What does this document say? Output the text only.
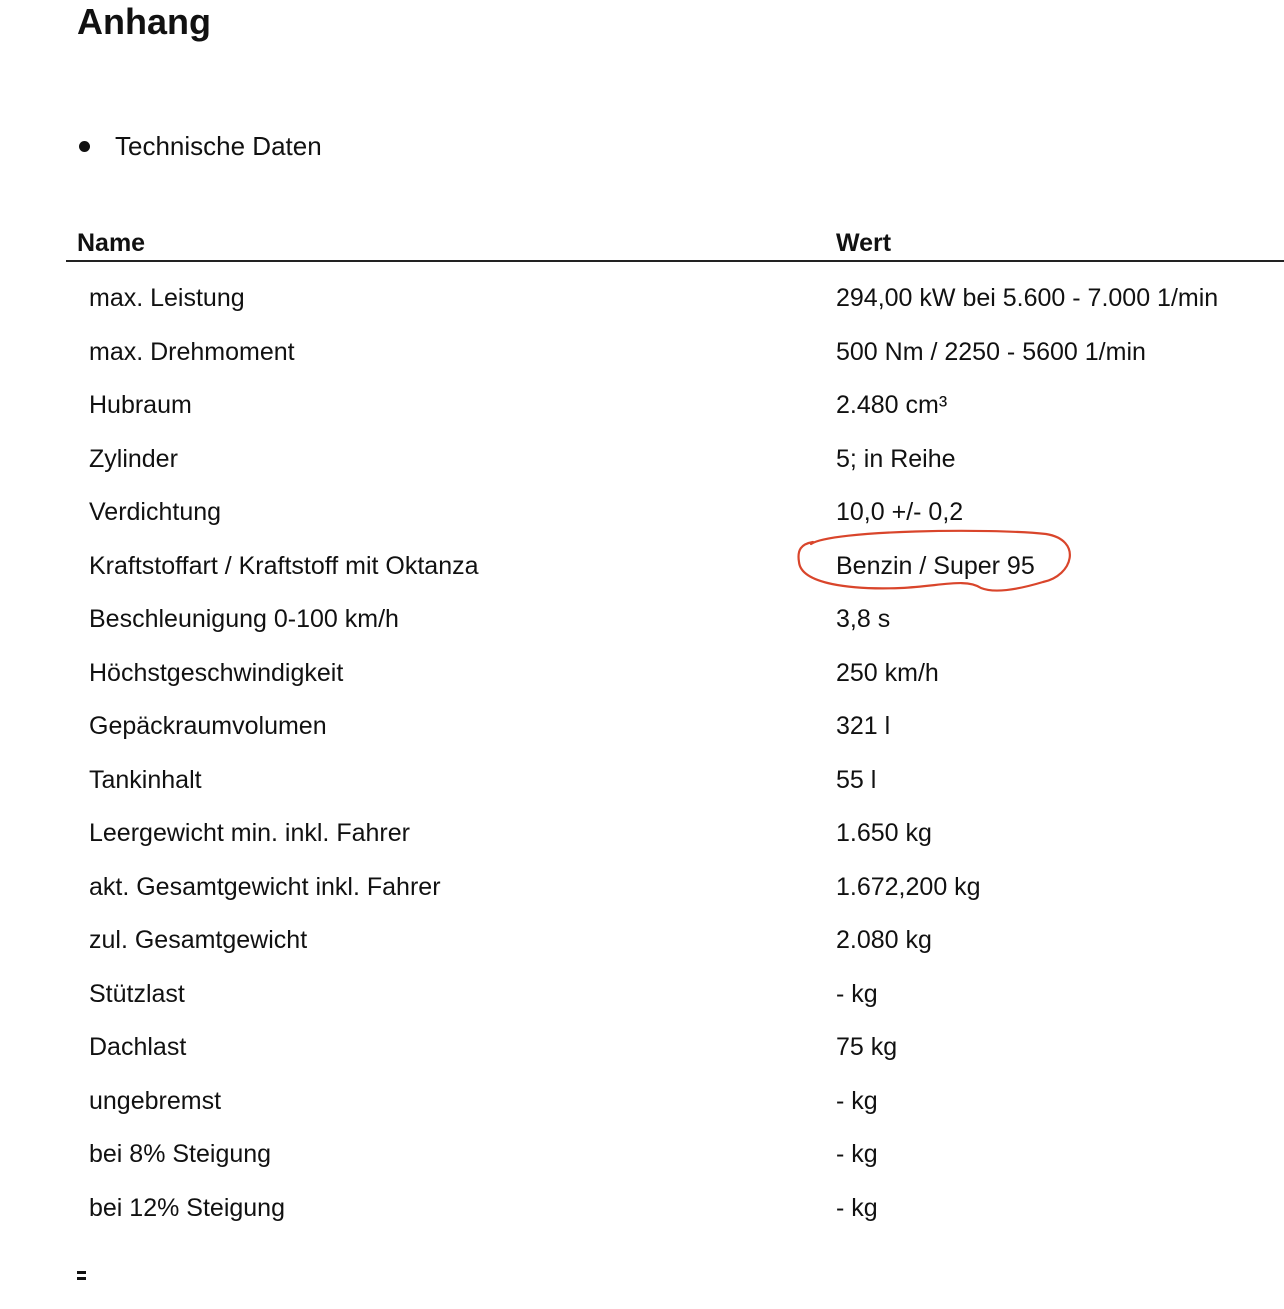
Anhang
Technische Daten
Name	Wert
max. Leistung	294,00 kW bei 5.600 - 7.000 1/min
max. Drehmoment	500 Nm / 2250 - 5600 1/min
Hubraum	2.480 cm³
Zylinder	5; in Reihe
Verdichtung	10,0 +/- 0,2
Kraftstoffart / Kraftstoff mit Oktanza	Benzin / Super 95

Beschleunigung 0-100 km/h	3,8 s
Höchstgeschwindigkeit	250 km/h
Gepäckraumvolumen	321 l
Tankinhalt	55 l
Leergewicht min. inkl. Fahrer	1.650 kg
akt. Gesamtgewicht inkl. Fahrer	1.672,200 kg
zul. Gesamtgewicht	2.080 kg
Stützlast	- kg
Dachlast	75 kg
ungebremst	- kg
bei 8% Steigung	- kg
bei 12% Steigung	- kg
